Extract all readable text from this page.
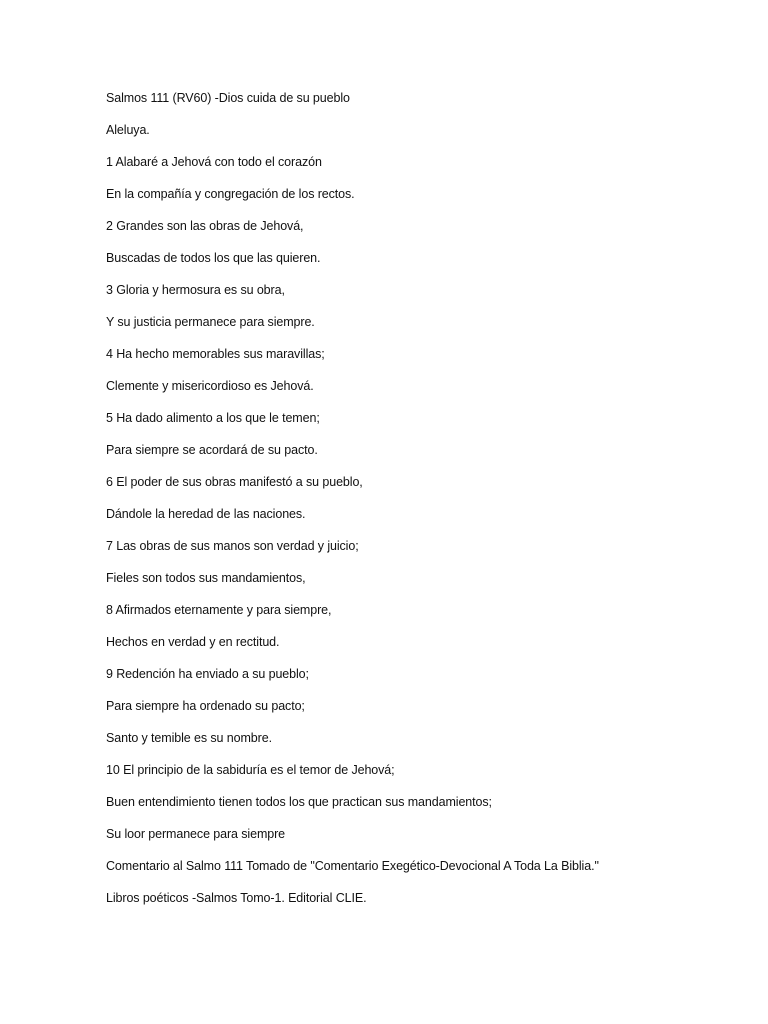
Salmos 111 (RV60) -Dios cuida de su pueblo
Aleluya.
1 Alabaré a Jehová con todo el corazón
En la compañía y congregación de los rectos.
2 Grandes son las obras de Jehová,
Buscadas de todos los que las quieren.
3 Gloria y hermosura es su obra,
Y su justicia permanece para siempre.
4 Ha hecho memorables sus maravillas;
Clemente y misericordioso es Jehová.
5 Ha dado alimento a los que le temen;
Para siempre se acordará de su pacto.
6 El poder de sus obras manifestó a su pueblo,
Dándole la heredad de las naciones.
7 Las obras de sus manos son verdad y juicio;
Fieles son todos sus mandamientos,
8 Afirmados eternamente y para siempre,
Hechos en verdad y en rectitud.
9 Redención ha enviado a su pueblo;
Para siempre ha ordenado su pacto;
Santo y temible es su nombre.
10 El principio de la sabiduría es el temor de Jehová;
Buen entendimiento tienen todos los que practican sus mandamientos;
Su loor permanece para siempre
Comentario al Salmo 111 Tomado de "Comentario Exegético-Devocional A Toda La Biblia."
Libros poéticos -Salmos Tomo-1. Editorial CLIE.
